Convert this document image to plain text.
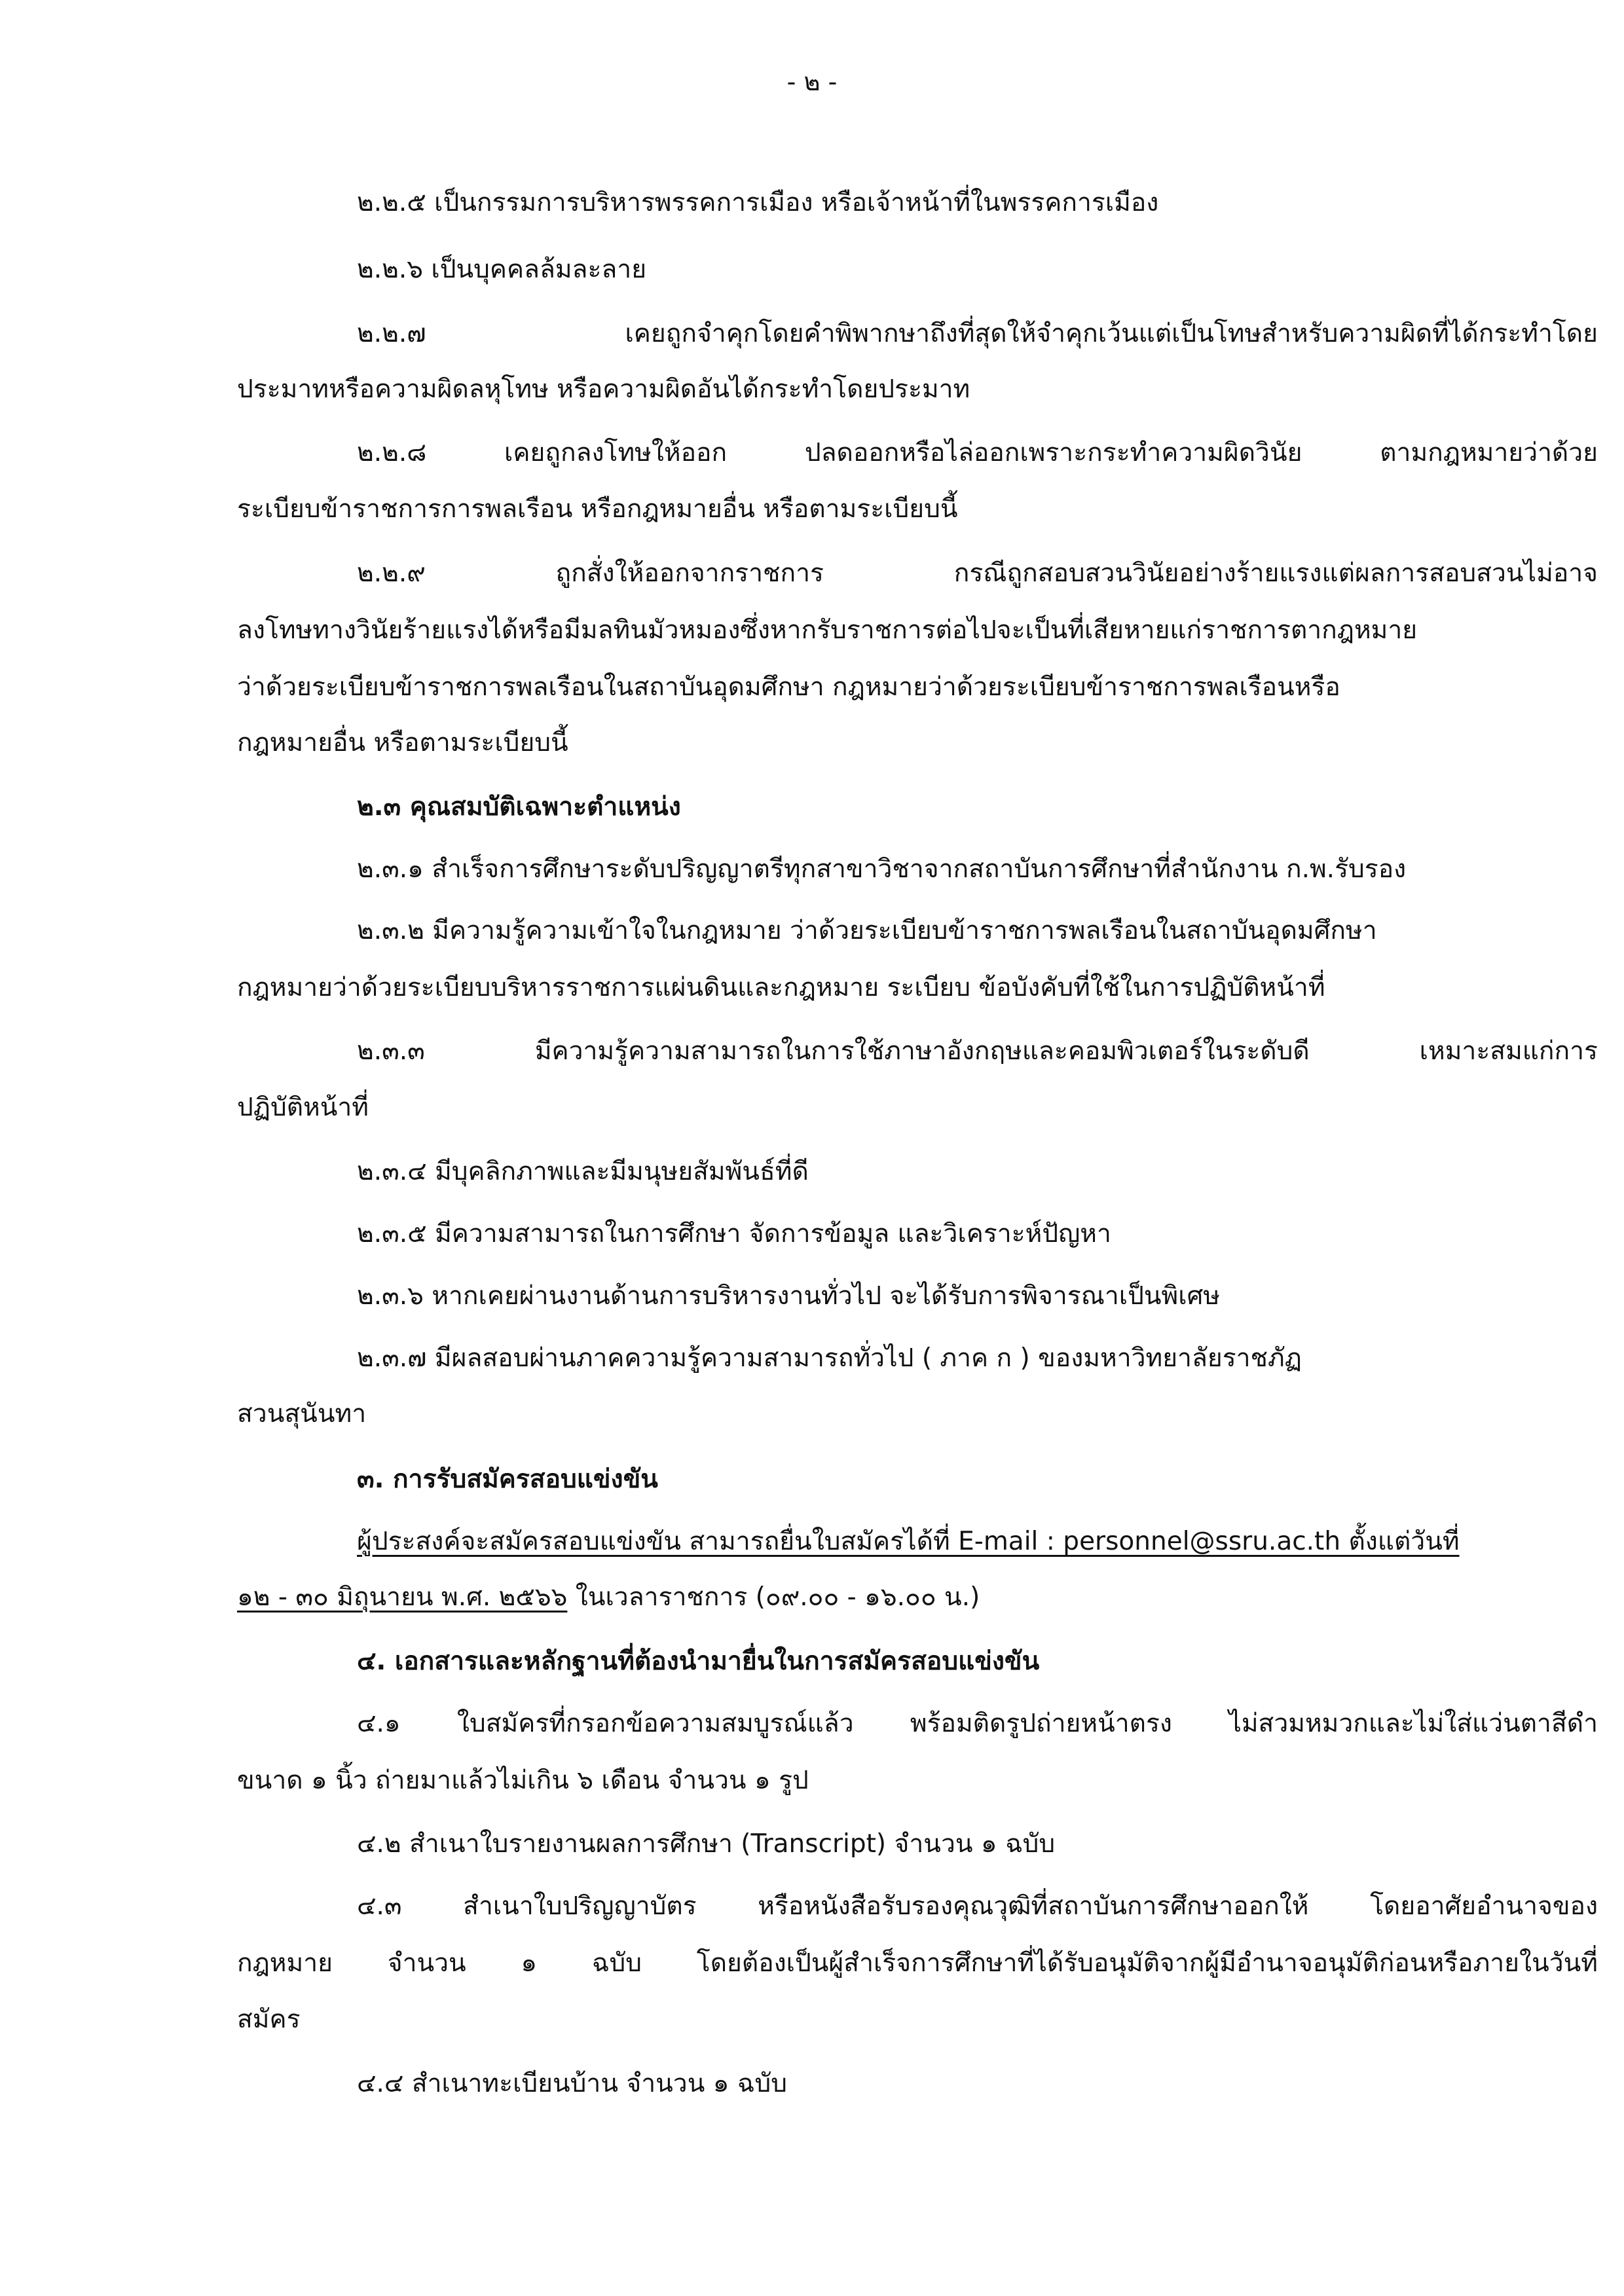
- ๒ -
๒.๒.๕ เป็นกรรมการบริหารพรรคการเมือง หรือเจ้าหน้าที่ในพรรคการเมือง
๒.๒.๖ เป็นบุคคลล้มละลาย
๒.๒.๗ เคยถูกจำคุกโดยคำพิพากษาถึงที่สุดให้จำคุกเว้นแต่เป็นโทษสำหรับความผิดที่ได้กระทำโดย
ประมาทหรือความผิดลหุโทษ หรือความผิดอันได้กระทำโดยประมาท
๒.๒.๘ เคยถูกลงโทษให้ออก ปลดออกหรือไล่ออกเพราะกระทำความผิดวินัย ตามกฎหมายว่าด้วย
ระเบียบข้าราชการการพลเรือน หรือกฎหมายอื่น หรือตามระเบียบนี้
๒.๒.๙ ถูกสั่งให้ออกจากราชการ กรณีถูกสอบสวนวินัยอย่างร้ายแรงแต่ผลการสอบสวนไม่อาจ
ลงโทษทางวินัยร้ายแรงได้หรือมีมลทินมัวหมองซึ่งหากรับราชการต่อไปจะเป็นที่เสียหายแก่ราชการตากฎหมาย
ว่าด้วยระเบียบข้าราชการพลเรือนในสถาบันอุดมศึกษา กฎหมายว่าด้วยระเบียบข้าราชการพลเรือนหรือ
กฎหมายอื่น หรือตามระเบียบนี้
๒.๓ คุณสมบัติเฉพาะตำแหน่ง
๒.๓.๑ สำเร็จการศึกษาระดับปริญญาตรีทุกสาขาวิชาจากสถาบันการศึกษาที่สำนักงาน ก.พ.รับรอง
๒.๓.๒ มีความรู้ความเข้าใจในกฎหมาย ว่าด้วยระเบียบข้าราชการพลเรือนในสถาบันอุดมศึกษา
กฎหมายว่าด้วยระเบียบบริหารราชการแผ่นดินและกฎหมาย ระเบียบ ข้อบังคับที่ใช้ในการปฏิบัติหน้าที่
๒.๓.๓ มีความรู้ความสามารถในการใช้ภาษาอังกฤษและคอมพิวเตอร์ในระดับดี เหมาะสมแก่การ
ปฏิบัติหน้าที่
๒.๓.๔ มีบุคลิกภาพและมีมนุษยสัมพันธ์ที่ดี
๒.๓.๕ มีความสามารถในการศึกษา จัดการข้อมูล และวิเคราะห์ปัญหา
๒.๓.๖ หากเคยผ่านงานด้านการบริหารงานทั่วไป จะได้รับการพิจารณาเป็นพิเศษ
๒.๓.๗ มีผลสอบผ่านภาคความรู้ความสามารถทั่วไป ( ภาค ก ) ของมหาวิทยาลัยราชภัฏ
สวนสุนันทา
๓. การรับสมัครสอบแข่งขัน
ผู้ประสงค์จะสมัครสอบแข่งขัน สามารถยื่นใบสมัครได้ที่ E-mail : personnel@ssru.ac.th ตั้งแต่วันที่
๑๒ - ๓๐ มิถุนายน พ.ศ. ๒๕๖๖ ในเวลาราชการ (๐๙.๐๐ - ๑๖.๐๐ น.)
๔. เอกสารและหลักฐานที่ต้องนำมายื่นในการสมัครสอบแข่งขัน
๔.๑ ใบสมัครที่กรอกข้อความสมบูรณ์แล้ว พร้อมติดรูปถ่ายหน้าตรง ไม่สวมหมวกและไม่ใส่แว่นตาสีดำ
ขนาด ๑ นิ้ว ถ่ายมาแล้วไม่เกิน ๖ เดือน จำนวน ๑ รูป
๔.๒ สำเนาใบรายงานผลการศึกษา (Transcript) จำนวน ๑ ฉบับ
๔.๓ สำเนาใบปริญญาบัตร หรือหนังสือรับรองคุณวุฒิที่สถาบันการศึกษาออกให้ โดยอาศัยอำนาจของ
กฎหมาย จำนวน ๑ ฉบับ โดยต้องเป็นผู้สำเร็จการศึกษาที่ได้รับอนุมัติจากผู้มีอำนาจอนุมัติก่อนหรือภายในวันที่
สมัคร
๔.๔ สำเนาทะเบียนบ้าน จำนวน ๑ ฉบับ
